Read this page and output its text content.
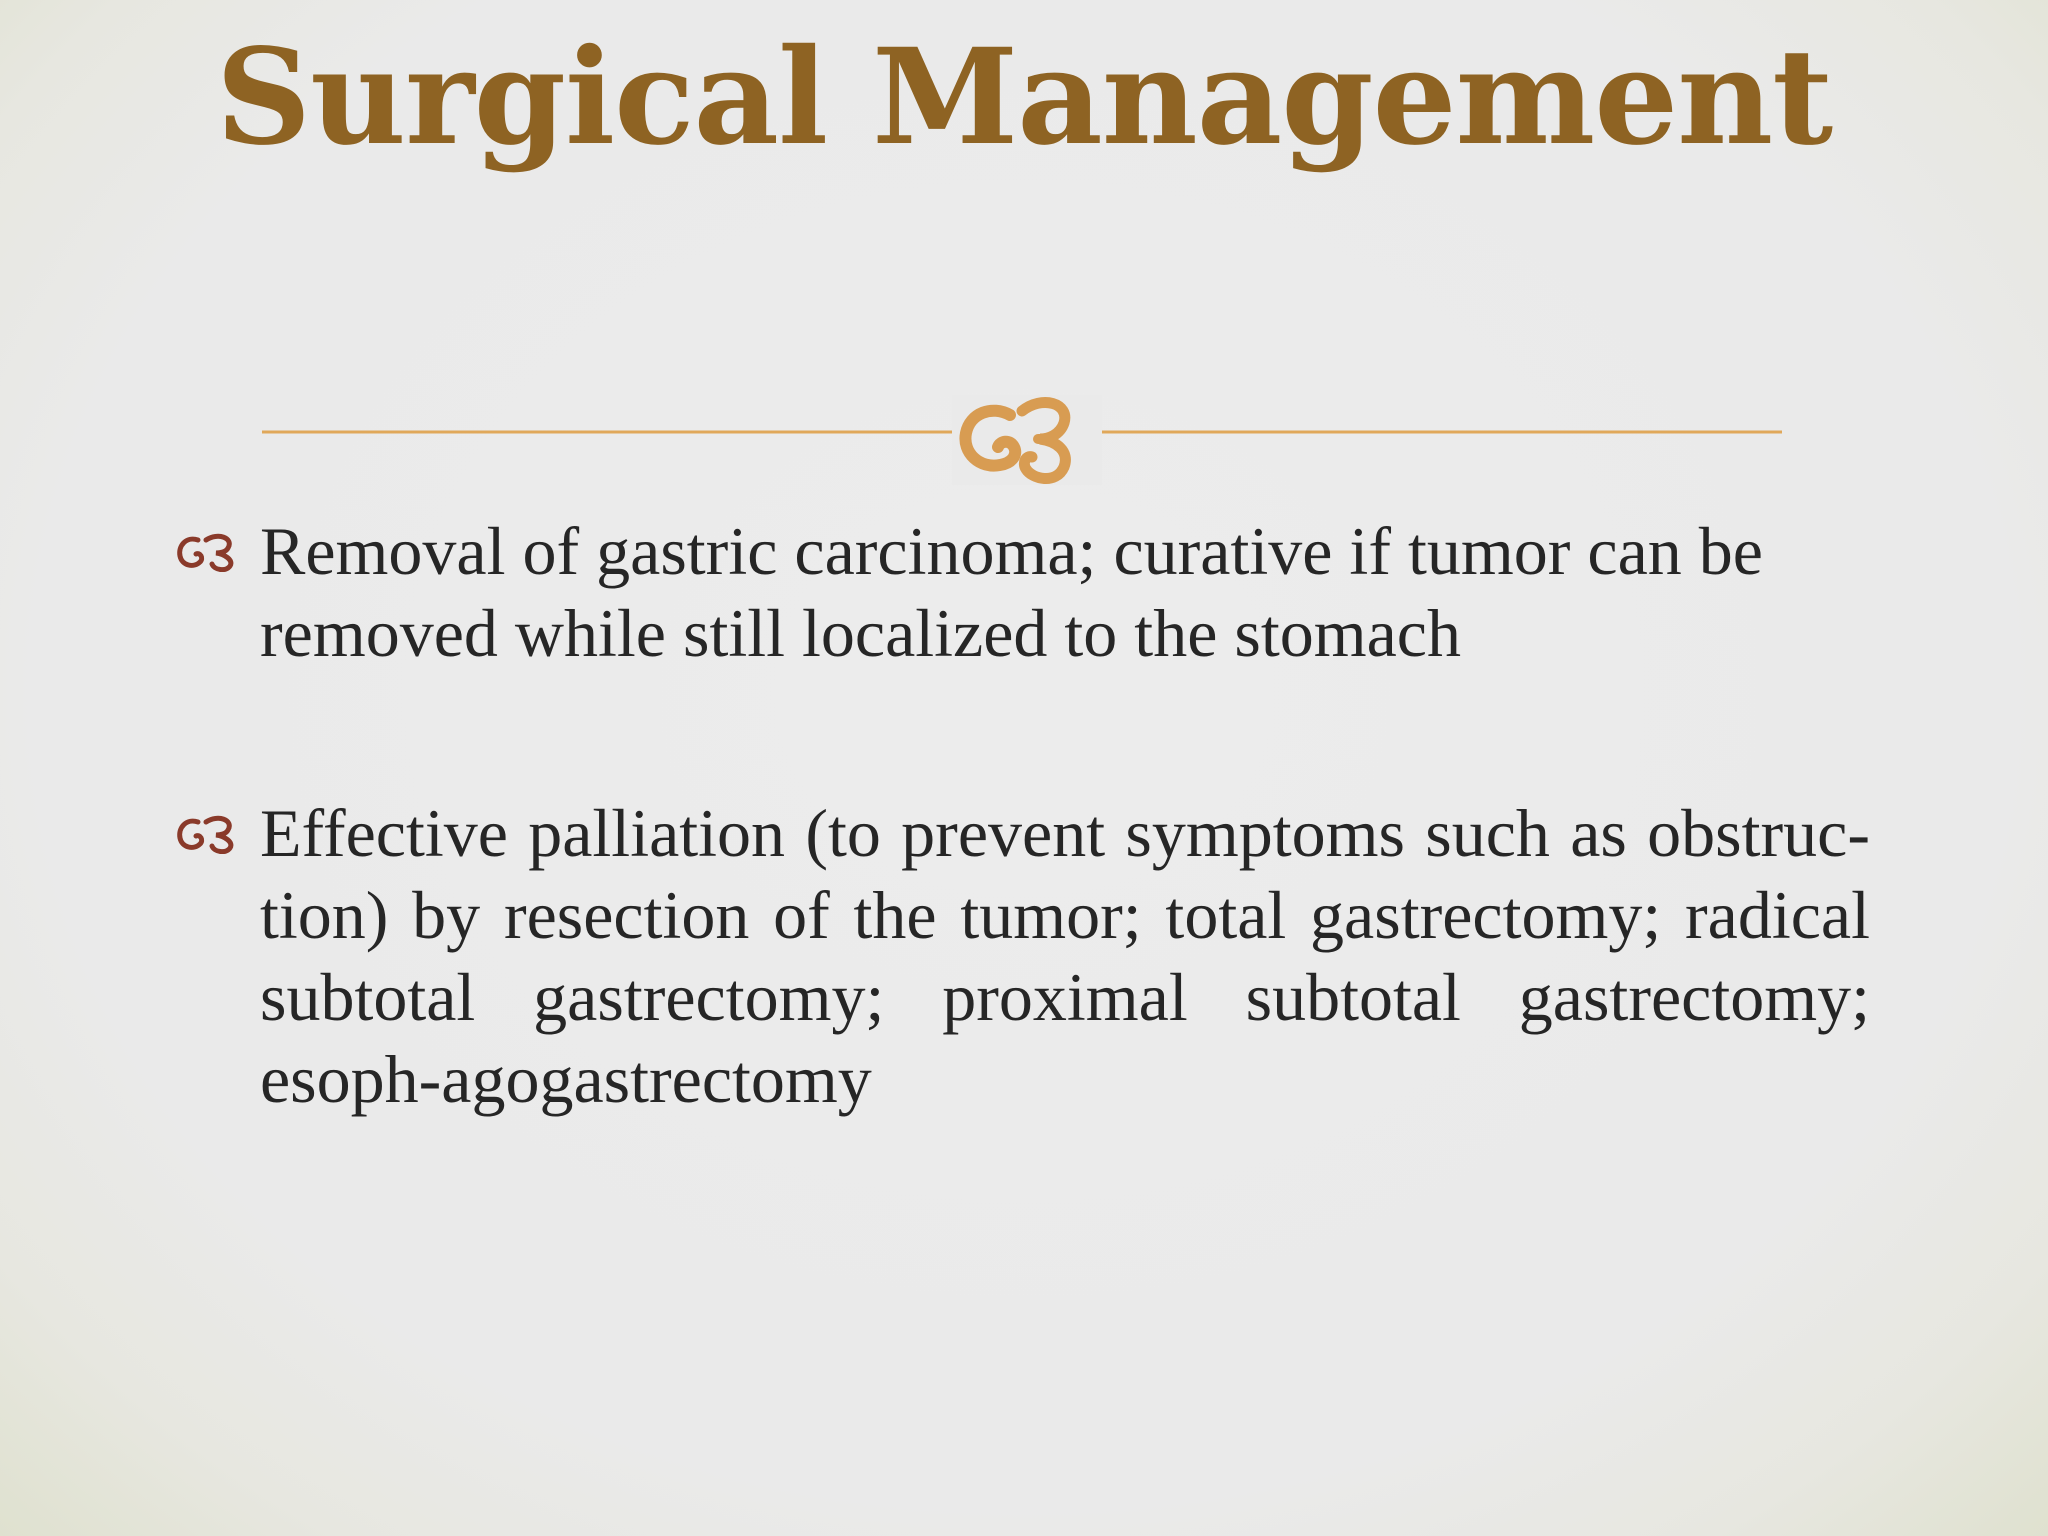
Surgical Management
Removal of gastric carcinoma; curative if tumor can be removed while still localized to the stomach
Effective palliation (to prevent symptoms such as obstruc-tion) by resection of the tumor; total gastrectomy; radical subtotal gastrectomy; proximal subtotal gastrectomy; esoph-agogastrectomy
